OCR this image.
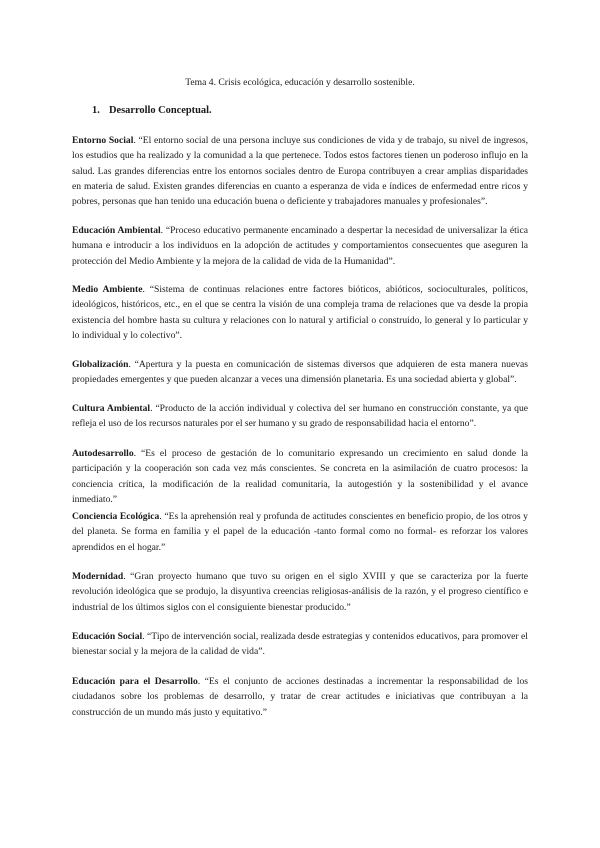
Tema 4. Crisis ecológica, educación y desarrollo sostenible.
1. Desarrollo Conceptual.

Entorno Social. “El entorno social de una persona incluye sus condiciones de vida y de trabajo, su nivel de ingresos, los estudios que ha realizado y la comunidad a la que pertenece. Todos estos factores tienen un poderoso influjo en la salud. Las grandes diferencias entre los entornos sociales dentro de Europa contribuyen a crear amplias disparidades en materia de salud. Existen grandes diferencias en cuanto a esperanza de vida e índices de enfermedad entre ricos y pobres, personas que han tenido una educación buena o deficiente y trabajadores manuales y profesionales”.

Educación Ambiental. “Proceso educativo permanente encaminado a despertar la necesidad de universalizar la ética humana e introducir a los individuos en la adopción de actitudes y comportamientos consecuentes que aseguren la protección del Medio Ambiente y la mejora de la calidad de vida de la Humanidad”.

Medio Ambiente. “Sistema de continuas relaciones entre factores bióticos, abióticos, socioculturales, políticos, ideológicos, históricos, etc., en el que se centra la visión de una compleja trama de relaciones que va desde la propia existencia del hombre hasta su cultura y relaciones con lo natural y artificial o construido, lo general y lo particular y lo individual y lo colectivo”.

Globalización. “Apertura y la puesta en comunicación de sistemas diversos que adquieren de esta manera nuevas propiedades emergentes y que pueden alcanzar a veces una dimensión planetaria. Es una sociedad abierta y global”.

Cultura Ambiental. “Producto de la acción individual y colectiva del ser humano en construcción constante, ya que refleja el uso de los recursos naturales por el ser humano y su grado de responsabilidad hacia el entorno”.

Autodesarrollo. “Es el proceso de gestación de lo comunitario expresando un crecimiento en salud donde la participación y la cooperación son cada vez más conscientes. Se concreta en la asimilación de cuatro procesos: la conciencia crítica, la modificación de la realidad comunitaria, la autogestión y la sostenibilidad y el avance inmediato.”

Conciencia Ecológica. “Es la aprehensión real y profunda de actitudes conscientes en beneficio propio, de los otros y del planeta. Se forma en familia y el papel de la educación -tanto formal como no formal- es reforzar los valores aprendidos en el hogar.”

Modernidad. “Gran proyecto humano que tuvo su origen en el siglo XVIII y que se caracteriza por la fuerte revolución ideológica que se produjo, la disyuntiva creencias religiosas-análisis de la razón, y el progreso científico e industrial de los últimos siglos con el consiguiente bienestar producido.”

Educación Social. “Tipo de intervención social, realizada desde estrategias y contenidos educativos, para promover el bienestar social y la mejora de la calidad de vida”.

Educación para el Desarrollo. “Es el conjunto de acciones destinadas a incrementar la responsabilidad de los ciudadanos sobre los problemas de desarrollo, y tratar de crear actitudes e iniciativas que contribuyan a la construcción de un mundo más justo y equitativo.”
